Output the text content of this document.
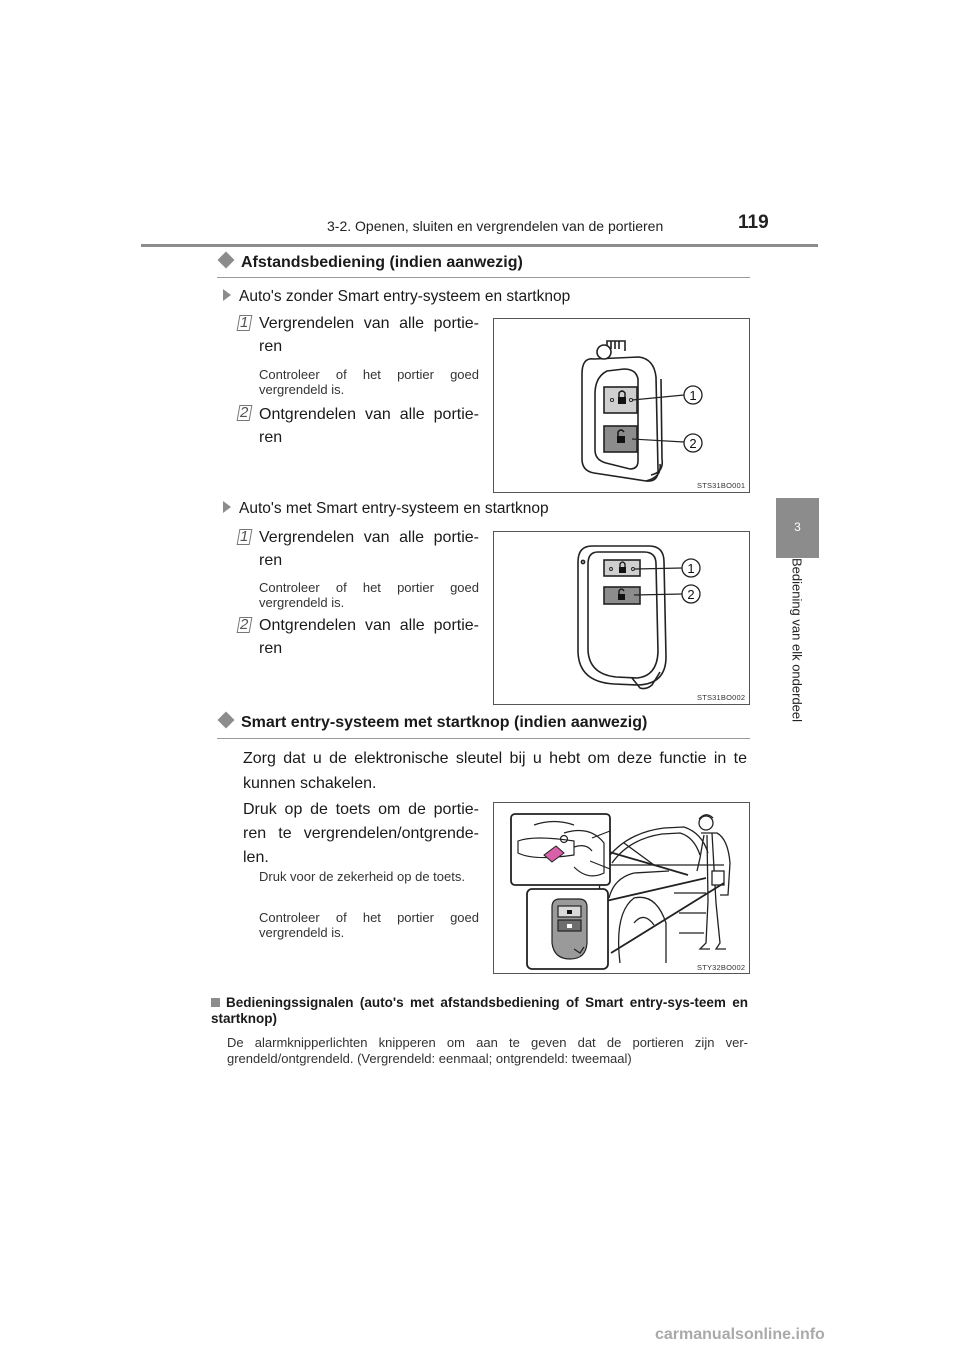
3-2. Openen, sluiten en vergrendelen van de portieren	119
3
Bediening van elk onderdeel
Afstandsbediening (indien aanwezig)
Auto's zonder Smart entry-systeem en startknop
1 Vergrendelen van alle portie-ren
Controleer of het portier goed vergrendeld is.
2 Ontgrendelen van alle portie-ren
1
2
STS31BO001
Auto's met Smart entry-systeem en startknop
1 Vergrendelen van alle portie-ren
Controleer of het portier goed vergrendeld is.
2 Ontgrendelen van alle portie-ren
1
2
STS31BO002
Smart entry-systeem met startknop (indien aanwezig)
Zorg dat u de elektronische sleutel bij u hebt om deze functie in te kunnen schakelen.
Druk op de toets om de portie-ren te vergrendelen/ontgrende-len.
Druk voor de zekerheid op de toets.
Controleer of het portier goed vergrendeld is.
STY32BO002
Bedieningssignalen (auto's met afstandsbediening of Smart entry-sys-teem en startknop)
De alarmknipperlichten knipperen om aan te geven dat de portieren zijn ver-grendeld/ontgrendeld. (Vergrendeld: eenmaal; ontgrendeld: tweemaal)
carmanualsonline.info
